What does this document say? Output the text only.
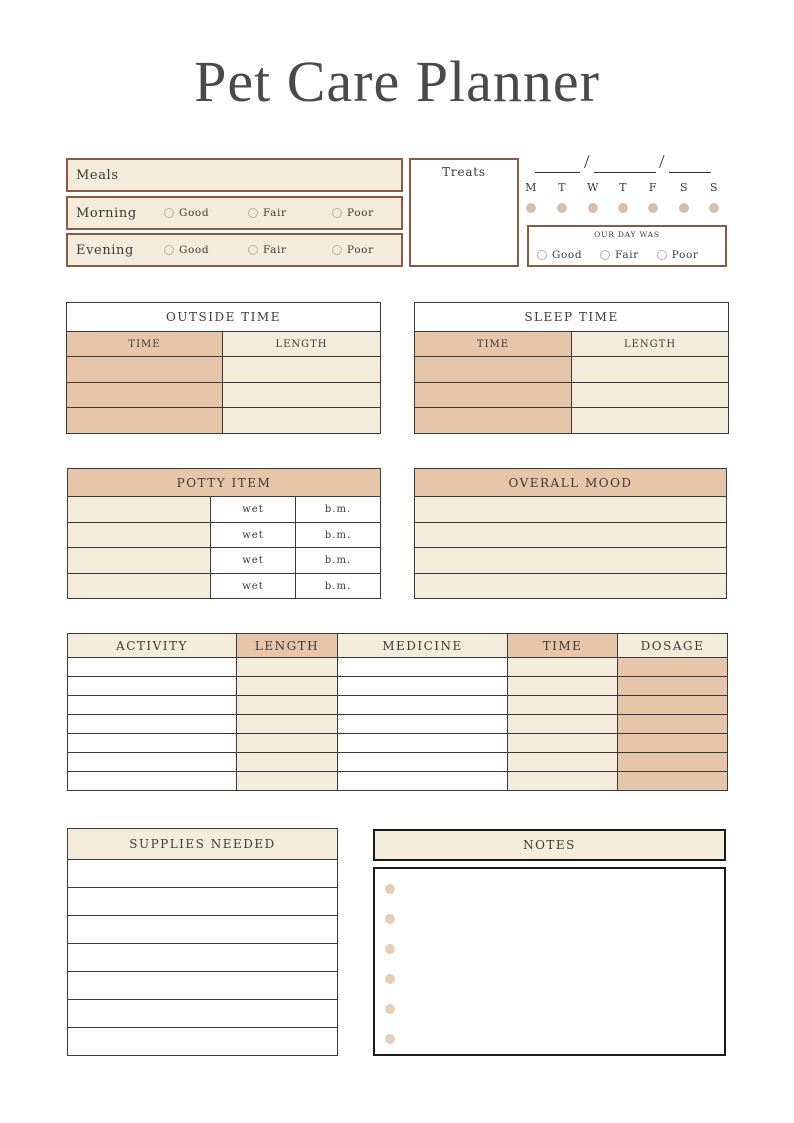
Pet Care Planner
Meals
Morning	Good	Fair	Poor
Evening	Good	Fair	Poor
Treats	/	/
M	T	W	T	F	S	S
OUR DAY WAS
Good	Fair	Poor
OUTSIDE TIME	
TIME	LENGTH

SLEEP TIME	
TIME	LENGTH

POTTY ITEM		
	wet	b.m.
	wet	b.m.
	wet	b.m.
	wet	b.m.
OVERALL MOOD

ACTIVITY	LENGTH	MEDICINE	TIME	DOSAGE

SUPPLIES NEEDED	NOTES
